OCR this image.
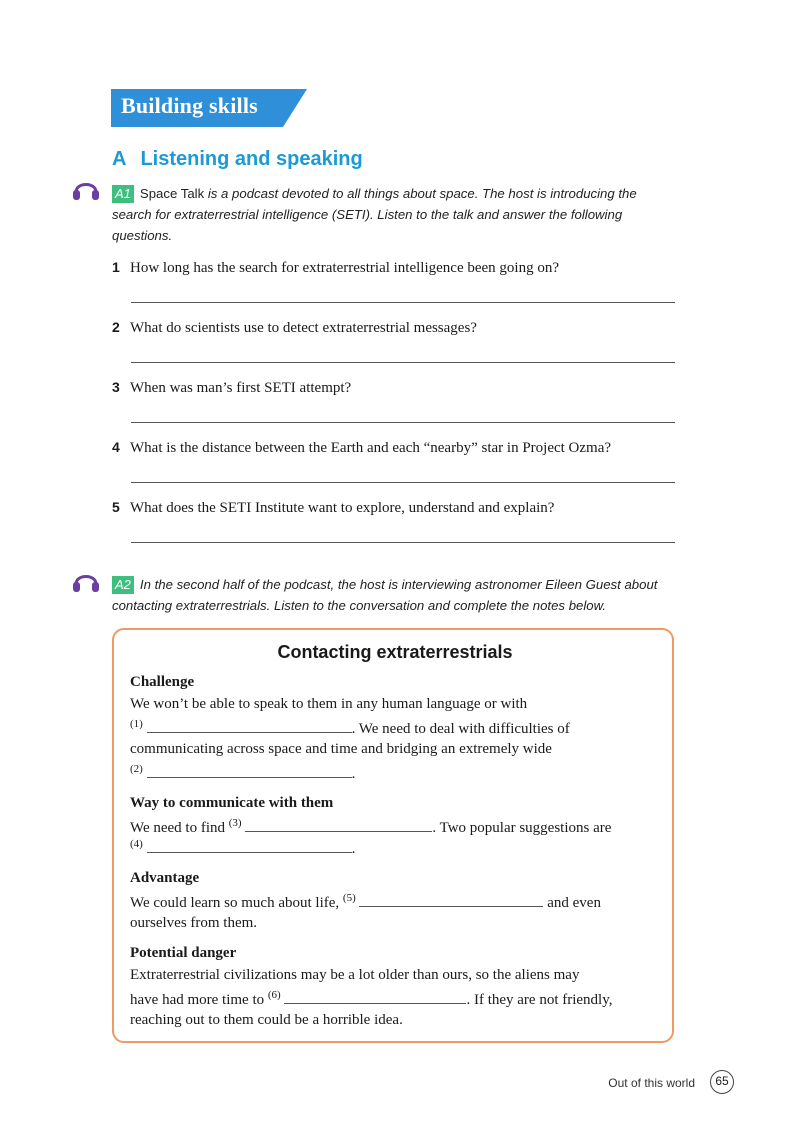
Building skills
A Listening and speaking
A1 Space Talk is a podcast devoted to all things about space. The host is introducing the
search for extraterrestrial intelligence (SETI). Listen to the talk and answer the following
questions.
1 How long has the search for extraterrestrial intelligence been going on?
2 What do scientists use to detect extraterrestrial messages?
3 When was man’s first SETI attempt?
4 What is the distance between the Earth and each “nearby” star in Project Ozma?
5 What does the SETI Institute want to explore, understand and explain?
A2 In the second half of the podcast, the host is interviewing astronomer Eileen Guest about
contacting extraterrestrials. Listen to the conversation and complete the notes below.
Contacting extraterrestrials
Challenge
We won’t be able to speak to them in any human language or with
$^{(1)}$	. We need to deal with difficulties of
communicating across space and time and bridging an extremely wide
$^{(2)}$	.
Way to communicate with them
We need to find $^{(3)}$	. Two popular suggestions are
$^{(4)}$	.
Advantage
We could learn so much about life, $^{(5)}$	and even
ourselves from them.
Potential danger
Extraterrestrial civilizations may be a lot older than ours, so the aliens may
have had more time to $^{(6)}$	. If they are not friendly,
reaching out to them could be a horrible idea.
Out of this world	65
